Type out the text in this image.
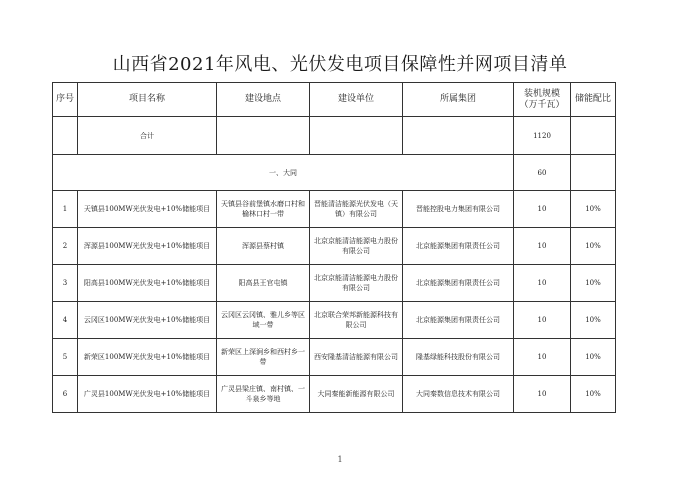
山西省2021年风电、光伏发电项目保障性并网项目清单
序号	项目名称	建设地点	建设单位	所属集团	装机规模（万千瓦）	储能配比
	合计				1120	
一、大同					60	
1	天镇县100MW光伏发电+10%储能项目	天镇县谷前堡镇水磨口村和榆林口村一带	晋能清洁能源光伏发电（天镇）有限公司	晋能控股电力集团有限公司	10	10%
2	浑源县100MW光伏发电+10%储能项目	浑源县蔡村镇	北京京能清洁能源电力股份有限公司	北京能源集团有限责任公司	10	10%
3	阳高县100MW光伏发电+10%储能项目	阳高县王官屯镇	北京京能清洁能源电力股份有限公司	北京能源集团有限责任公司	10	10%
4	云冈区100MW光伏发电+10%储能项目	云冈区云冈镇、雅儿乡等区域一带	北京联合荣邦新能源科技有限公司	北京能源集团有限责任公司	10	10%
5	新荣区100MW光伏发电+10%储能项目	新荣区上深涧乡和西村乡一带	西安隆基清洁能源有限公司	隆基绿能科技股份有限公司	10	10%
6	广灵县100MW光伏发电+10%储能项目	广灵县梁庄镇、南村镇、一斗泉乡等地	大同秦能新能源有限公司	大同秦数信息技术有限公司	10	10%
1
